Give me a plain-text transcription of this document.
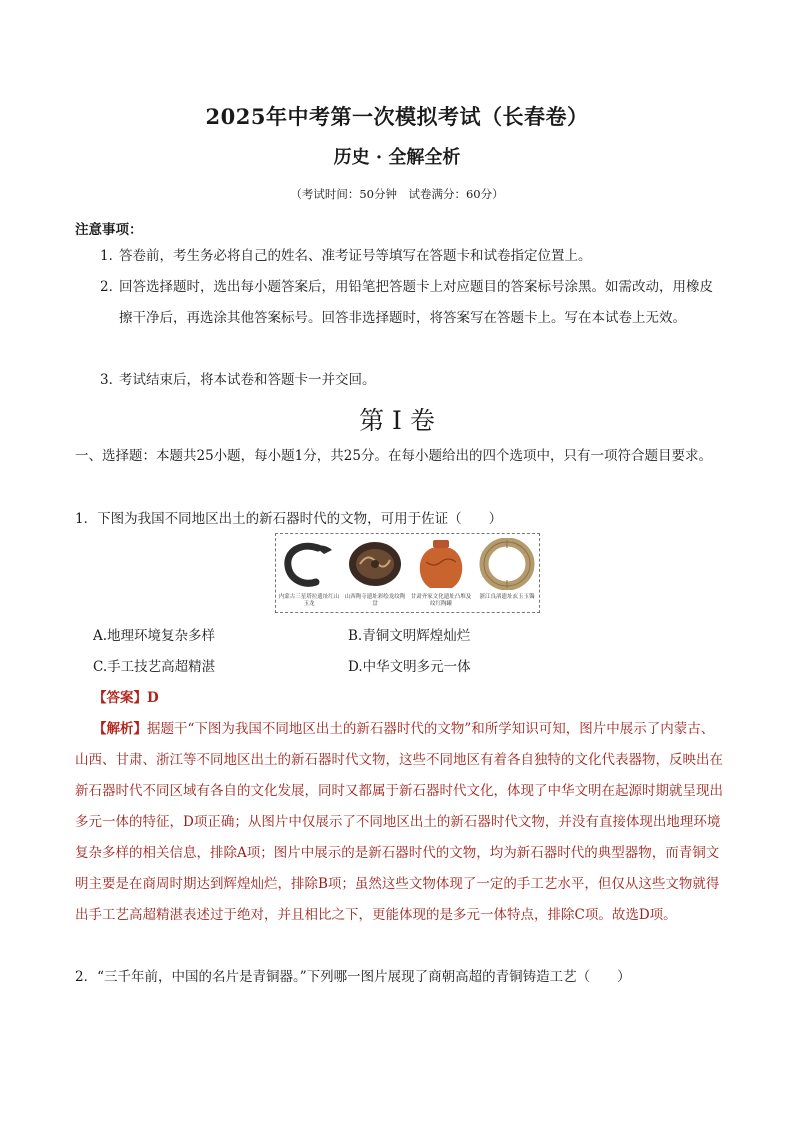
2025年中考第一次模拟考试（长春卷）
历史 · 全解全析
（考试时间：50分钟　试卷满分：60分）
注意事项：
1．
答卷前，考生务必将自己的姓名、准考证号等填写在答题卡和试卷指定位置上。
2．
回答选择题时，选出每小题答案后，用铅笔把答题卡上对应题目的答案标号涂黑。如需改动，用橡皮擦干净后，再选涂其他答案标号。回答非选择题时，将答案写在答题卡上。写在本试卷上无效。
3．
考试结束后，将本试卷和答题卡一并交回。
第 I 卷
一、选择题：本题共25小题，每小题1分，共25分。在每小题给出的四个选项中，只有一项符合题目要求。
1．下图为我国不同地区出土的新石器时代的文物，可用于佐证（　　）
内蒙古三星塔拉遗址红山玉龙
山西陶寺遗址彩绘龙纹陶盘
甘肃齐家文化遗址凸堆及纹红陶罐
浙江良渚遗址玄玉玉镯
A.地理环境复杂多样	B.青铜文明辉煌灿烂
C.手工技艺高超精湛	D.中华文明多元一体
【答案】D
【解析】据题干“下图为我国不同地区出土的新石器时代的文物”和所学知识可知，图片中展示了内蒙古、山西、甘肃、浙江等不同地区出土的新石器时代文物，这些不同地区有着各自独特的文化代表器物，反映出在新石器时代不同区域有各自的文化发展，同时又都属于新石器时代文化，体现了中华文明在起源时期就呈现出多元一体的特征，D项正确；从图片中仅展示了不同地区出土的新石器时代文物，并没有直接体现出地理环境复杂多样的相关信息，排除A项；图片中展示的是新石器时代的文物，均为新石器时代的典型器物，而青铜文明主要是在商周时期达到辉煌灿烂，排除B项；虽然这些文物体现了一定的手工艺水平，但仅从这些文物就得出手工艺高超精湛表述过于绝对，并且相比之下，更能体现的是多元一体特点，排除C项。故选D项。
2．“三千年前，中国的名片是青铜器。”下列哪一图片展现了商朝高超的青铜铸造工艺（　　）
